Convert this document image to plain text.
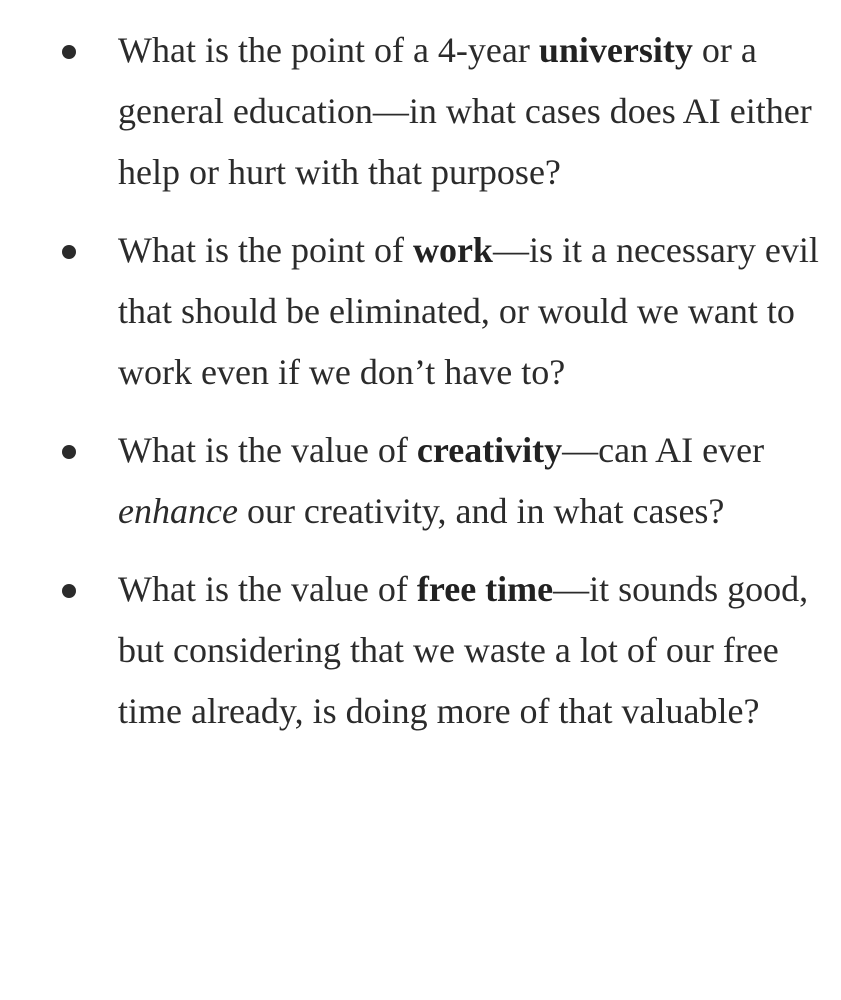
What is the point of a 4-year university or a general education—in what cases does AI either help or hurt with that purpose?
What is the point of work—is it a necessary evil that should be eliminated, or would we want to work even if we don’t have to?
What is the value of creativity—can AI ever enhance our creativity, and in what cases?
What is the value of free time—it sounds good, but considering that we waste a lot of our free time already, is doing more of that valuable?
